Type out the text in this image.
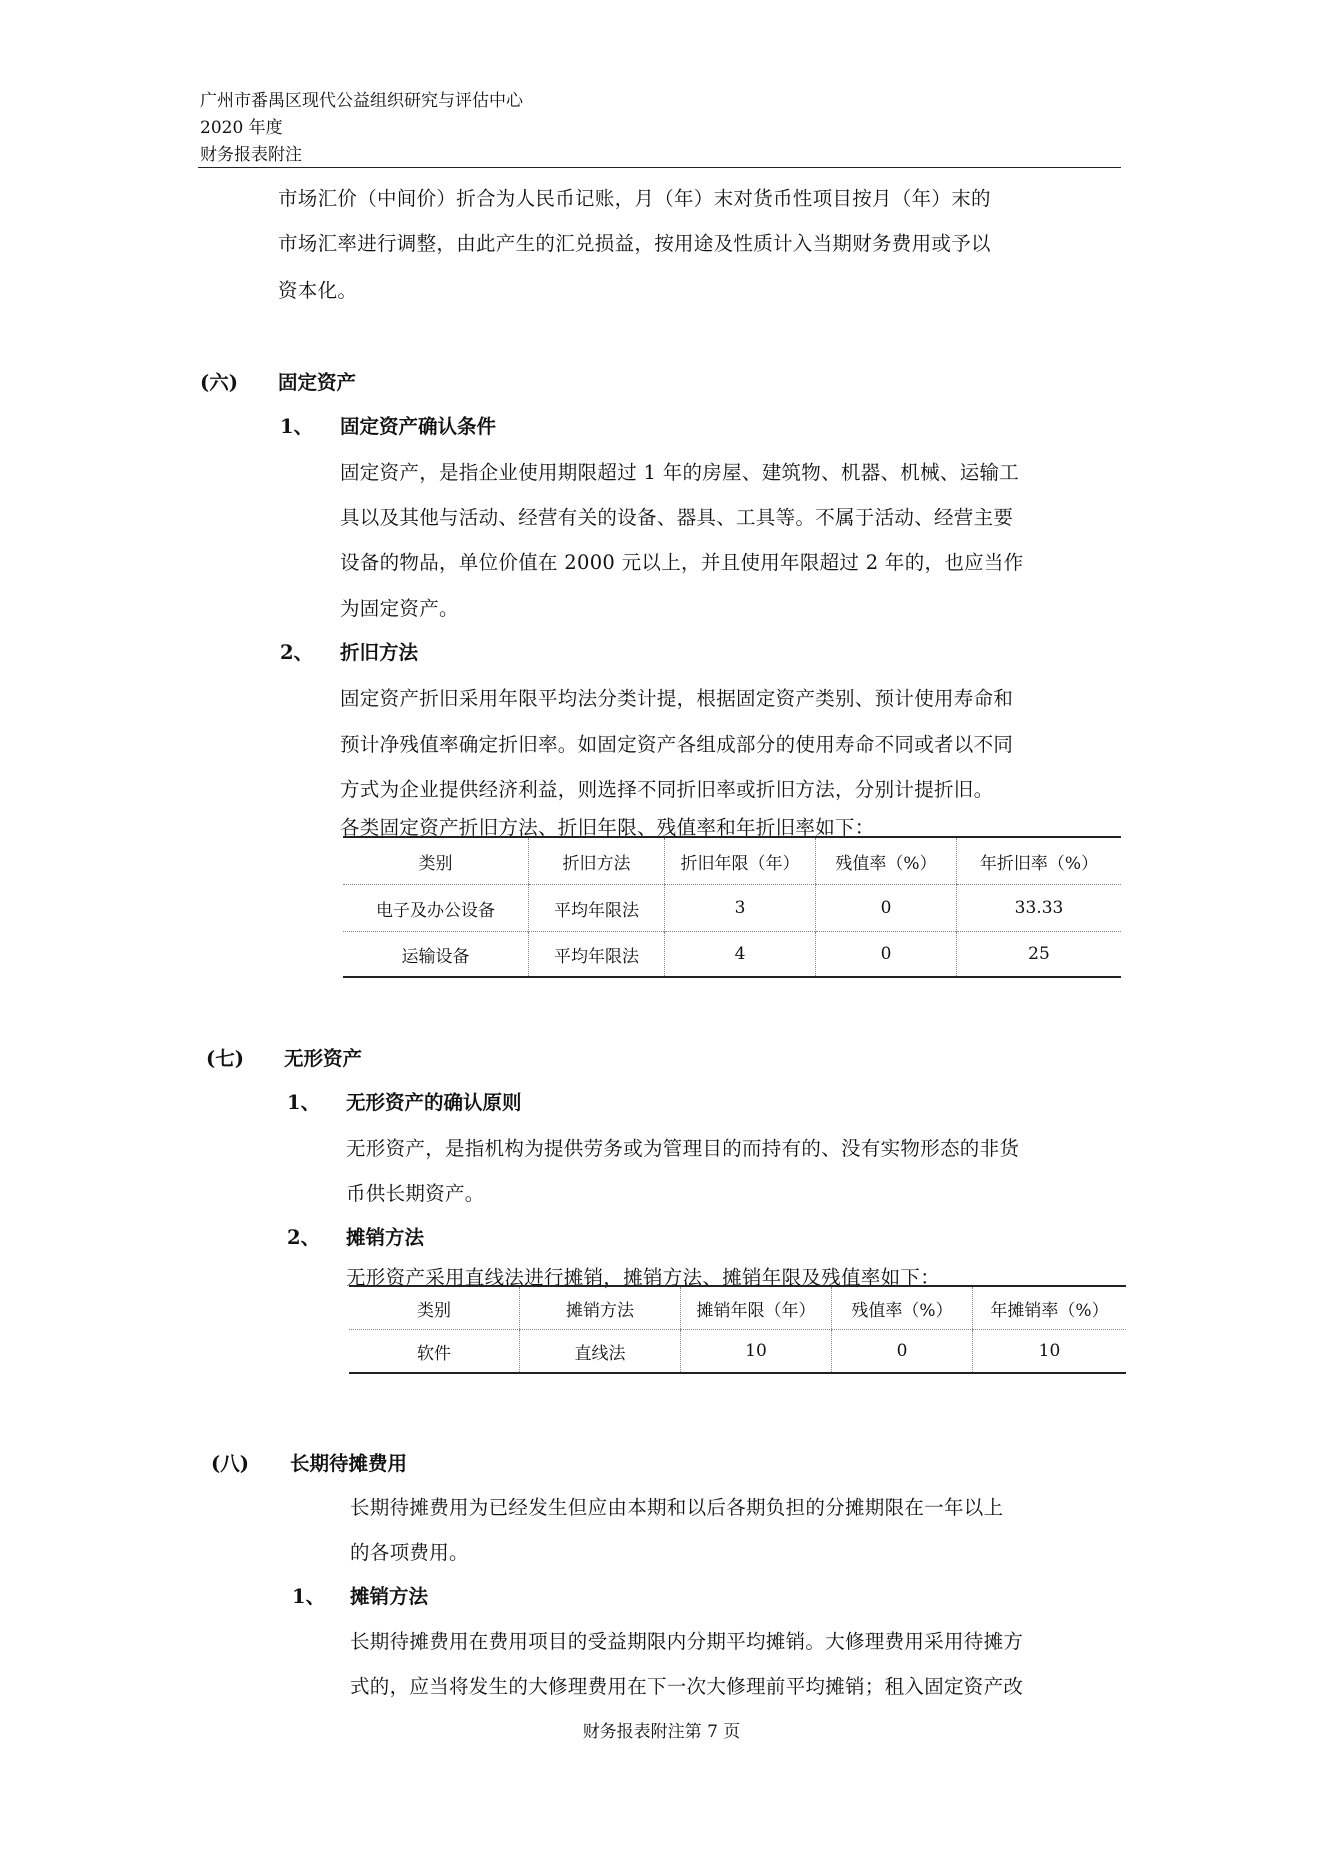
广州市番禺区现代公益组织研究与评估中心
2020 年度
财务报表附注
市场汇价（中间价）折合为人民币记账，月（年）末对货币性项目按月（年）末的
市场汇率进行调整，由此产生的汇兑损益，按用途及性质计入当期财务费用或予以
资本化。
(六) 固定资产
1、 固定资产确认条件
固定资产，是指企业使用期限超过 1 年的房屋、建筑物、机器、机械、运输工
具以及其他与活动、经营有关的设备、器具、工具等。不属于活动、经营主要
设备的物品，单位价值在 2000 元以上，并且使用年限超过 2 年的，也应当作
为固定资产。
2、 折旧方法
固定资产折旧采用年限平均法分类计提，根据固定资产类别、预计使用寿命和
预计净残值率确定折旧率。如固定资产各组成部分的使用寿命不同或者以不同
方式为企业提供经济利益，则选择不同折旧率或折旧方法，分别计提折旧。
各类固定资产折旧方法、折旧年限、残值率和年折旧率如下：
类别	折旧方法	折旧年限（年）	残值率（%）	年折旧率（%）
电子及办公设备	平均年限法	3	0	33.33
运输设备	平均年限法	4	0	25
(七) 无形资产
1、 无形资产的确认原则
无形资产，是指机构为提供劳务或为管理目的而持有的、没有实物形态的非货
币供长期资产。
2、 摊销方法
无形资产采用直线法进行摊销，摊销方法、摊销年限及残值率如下：
类别	摊销方法	摊销年限（年）	残值率（%）	年摊销率（%）
软件	直线法	10	0	10
(八) 长期待摊费用
长期待摊费用为已经发生但应由本期和以后各期负担的分摊期限在一年以上
的各项费用。
1、 摊销方法
长期待摊费用在费用项目的受益期限内分期平均摊销。大修理费用采用待摊方
式的，应当将发生的大修理费用在下一次大修理前平均摊销；租入固定资产改
财务报表附注第 7 页
